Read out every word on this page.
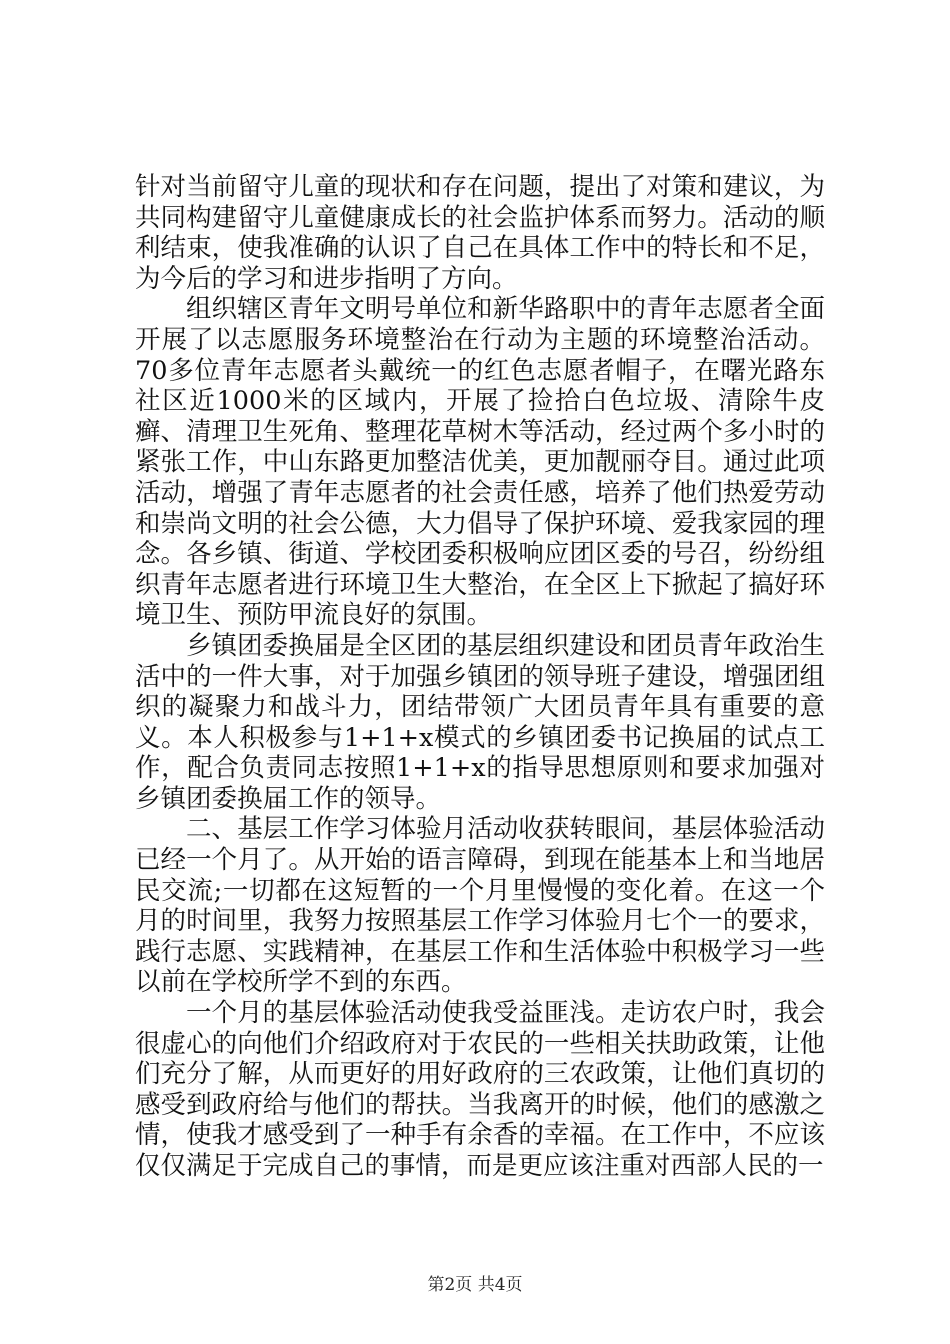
针对当前留守儿童的现状和存在问题，提出了对策和建议，为共同构建留守儿童健康成长的社会监护体系而努力。活动的顺利结束，使我准确的认识了自己在具体工作中的特长和不足，为今后的学习和进步指明了方向。

组织辖区青年文明号单位和新华路职中的青年志愿者全面开展了以志愿服务环境整治在行动为主题的环境整治活动。70多位青年志愿者头戴统一的红色志愿者帽子，在曙光路东社区近1000米的区域内，开展了捡拾白色垃圾、清除牛皮癣、清理卫生死角、整理花草树木等活动，经过两个多小时的紧张工作，中山东路更加整洁优美，更加靓丽夺目。通过此项活动，增强了青年志愿者的社会责任感，培养了他们热爱劳动和崇尚文明的社会公德，大力倡导了保护环境、爱我家园的理念。各乡镇、街道、学校团委积极响应团区委的号召，纷纷组织青年志愿者进行环境卫生大整治，在全区上下掀起了搞好环境卫生、预防甲流良好的氛围。

乡镇团委换届是全区团的基层组织建设和团员青年政治生活中的一件大事，对于加强乡镇团的领导班子建设，增强团组织的凝聚力和战斗力，团结带领广大团员青年具有重要的意义。本人积极参与1+1+x模式的乡镇团委书记换届的试点工作，配合负责同志按照1+1+x的指导思想原则和要求加强对乡镇团委换届工作的领导。

二、基层工作学习体验月活动收获转眼间，基层体验活动已经一个月了。从开始的语言障碍，到现在能基本上和当地居民交流;一切都在这短暂的一个月里慢慢的变化着。在这一个月的时间里，我努力按照基层工作学习体验月七个一的要求，践行志愿、实践精神，在基层工作和生活体验中积极学习一些以前在学校所学不到的东西。

一个月的基层体验活动使我受益匪浅。走访农户时，我会很虚心的向他们介绍政府对于农民的一些相关扶助政策，让他们充分了解，从而更好的用好政府的三农政策，让他们真切的感受到政府给与他们的帮扶。当我离开的时候，他们的感激之情，使我才感受到了一种手有余香的幸福。在工作中，不应该仅仅满足于完成自己的事情，而是更应该注重对西部人民的一

第2页 共4页
